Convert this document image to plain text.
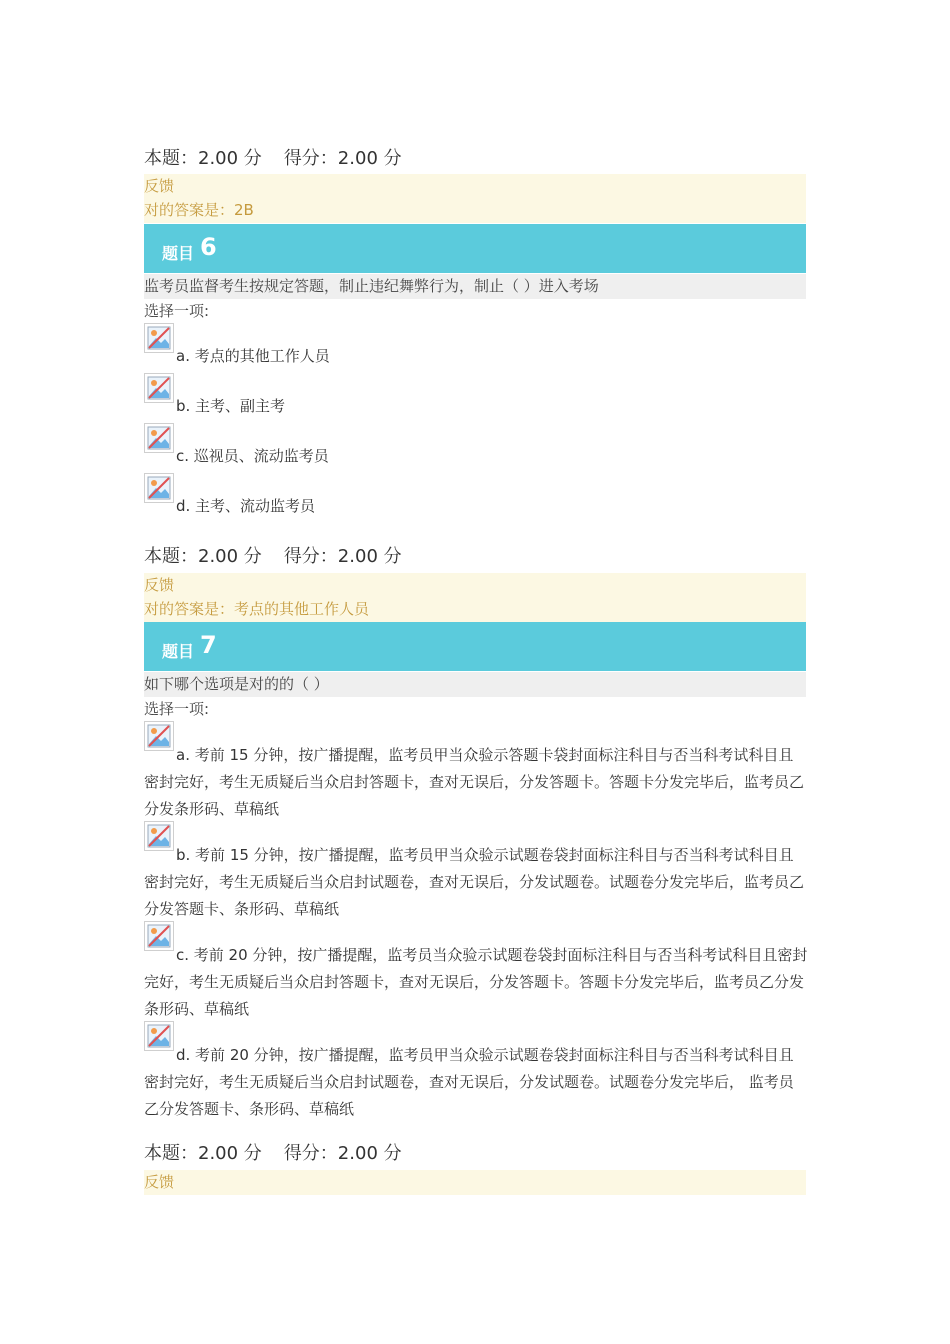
本题：2.00 分 得分：2.00 分
反馈
对的答案是：2B
题目 6
监考员监督考生按规定答题，制止违纪舞弊行为，制止（ ）进入考场
选择一项:
a. 考点的其他工作人员
b. 主考、副主考
c. 巡视员、流动监考员
d. 主考、流动监考员
本题：2.00 分 得分：2.00 分
反馈
对的答案是：考点的其他工作人员
题目 7
如下哪个选项是对的的（ ）
选择一项:
a. 考前 15 分钟，按广播提醒，监考员甲当众验示答题卡袋封面标注科目与否当科考试科目且密封完好，考生无质疑后当众启封答题卡，查对无误后，分发答题卡。答题卡分发完毕后，监考员乙分发条形码、草稿纸
b. 考前 15 分钟，按广播提醒，监考员甲当众验示试题卷袋封面标注科目与否当科考试科目且密封完好，考生无质疑后当众启封试题卷，查对无误后，分发试题卷。试题卷分发完毕后，监考员乙分发答题卡、条形码、草稿纸
c. 考前 20 分钟，按广播提醒，监考员当众验示试题卷袋封面标注科目与否当科考试科目且密封完好，考生无质疑后当众启封答题卡，查对无误后，分发答题卡。答题卡分发完毕后，监考员乙分发条形码、草稿纸
d. 考前 20 分钟，按广播提醒，监考员甲当众验示试题卷袋封面标注科目与否当科考试科目且密封完好，考生无质疑后当众启封试题卷，查对无误后，分发试题卷。试题卷分发完毕后， 监考员乙分发答题卡、条形码、草稿纸
本题：2.00 分 得分：2.00 分
反馈
